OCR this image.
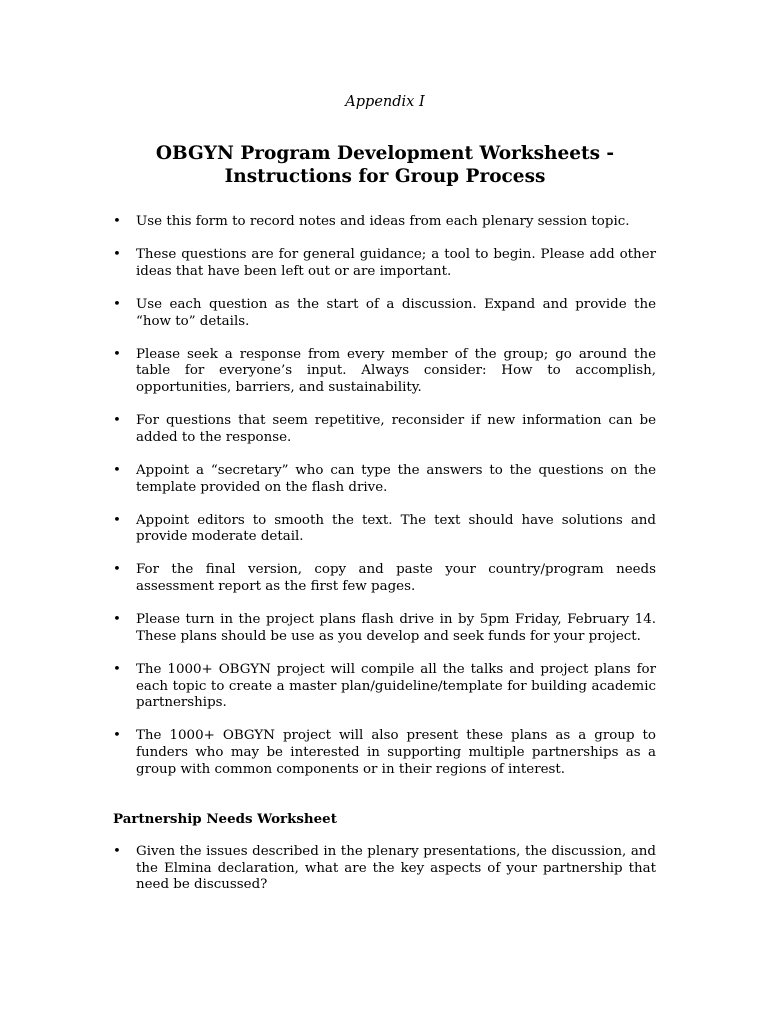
Appendix I
OBGYN Program Development Worksheets -
Instructions for Group Process
• Use this form to record notes and ideas from each plenary session topic.
• These questions are for general guidance; a tool to begin. Please add other ideas that have been left out or are important.
• Use each question as the start of a discussion. Expand and provide the “how to” details.
• Please seek a response from every member of the group; go around the table for everyone’s input. Always consider: How to accomplish, opportunities, barriers, and sustainability.
• For questions that seem repetitive, reconsider if new information can be added to the response.
• Appoint a “secretary” who can type the answers to the questions on the template provided on the flash drive.
• Appoint editors to smooth the text. The text should have solutions and provide moderate detail.
• For the final version, copy and paste your country/program needs assessment report as the first few pages.
• Please turn in the project plans flash drive in by 5pm Friday, February 14. These plans should be use as you develop and seek funds for your project.
• The 1000+ OBGYN project will compile all the talks and project plans for each topic to create a master plan/guideline/template for building academic partnerships.
• The 1000+ OBGYN project will also present these plans as a group to funders who may be interested in supporting multiple partnerships as a group with common components or in their regions of interest.
Partnership Needs Worksheet
• Given the issues described in the plenary presentations, the discussion, and the Elmina declaration, what are the key aspects of your partnership that need be discussed?
